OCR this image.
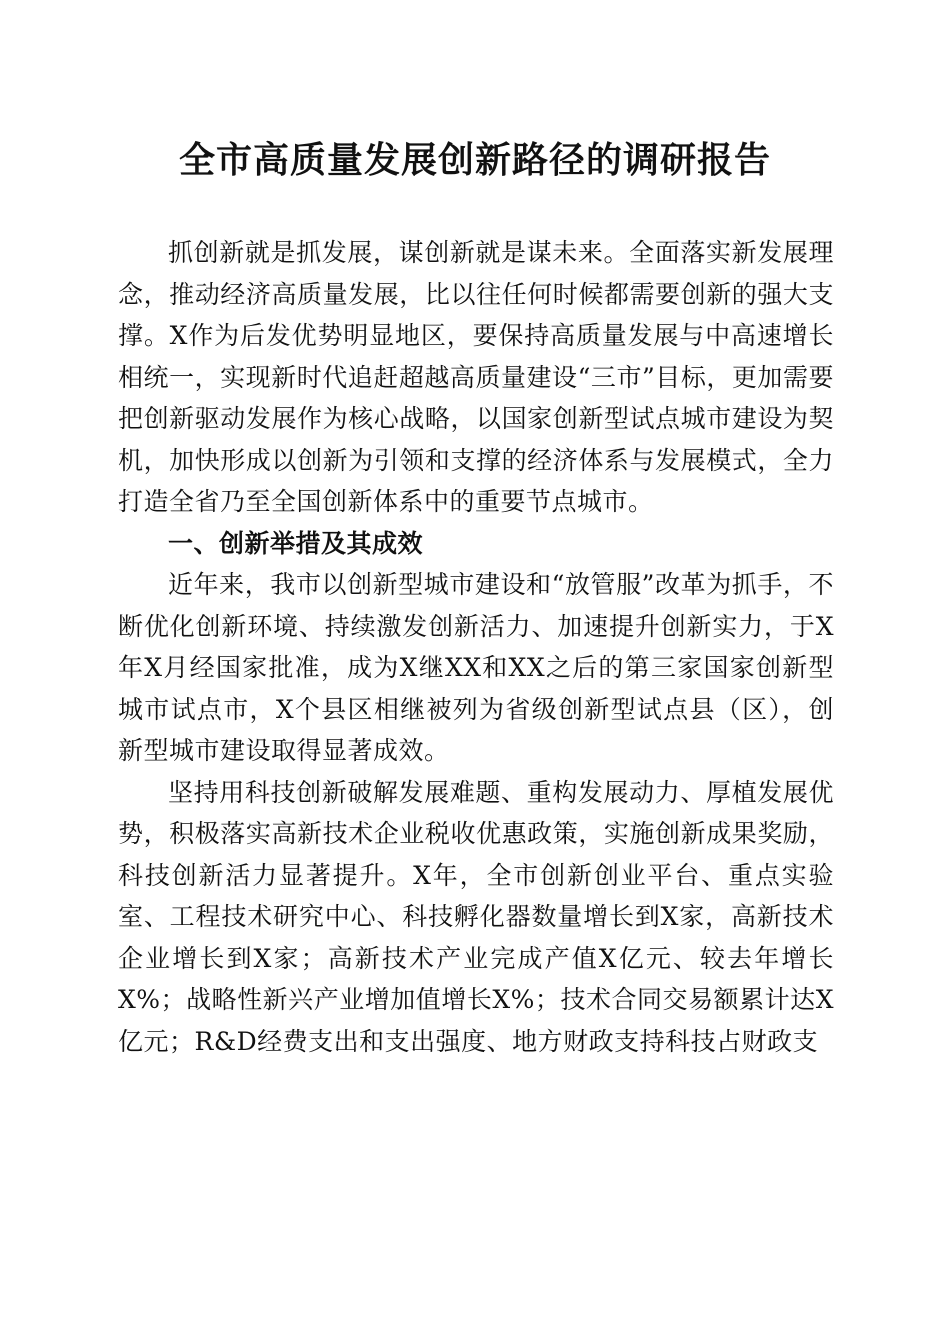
全市高质量发展创新路径的调研报告

抓创新就是抓发展，谋创新就是谋未来。全面落实新发展理念，推动经济高质量发展，比以往任何时候都需要创新的强大支撑。X作为后发优势明显地区，要保持高质量发展与中高速增长相统一，实现新时代追赶超越高质量建设“三市”目标，更加需要把创新驱动发展作为核心战略，以国家创新型试点城市建设为契机，加快形成以创新为引领和支撑的经济体系与发展模式，全力打造全省乃至全国创新体系中的重要节点城市。

一、创新举措及其成效

近年来，我市以创新型城市建设和“放管服”改革为抓手，不断优化创新环境、持续激发创新活力、加速提升创新实力，于X年X月经国家批准，成为X继XX和XX之后的第三家国家创新型城市试点市，X个县区相继被列为省级创新型试点县（区），创新型城市建设取得显著成效。

坚持用科技创新破解发展难题、重构发展动力、厚植发展优势，积极落实高新技术企业税收优惠政策，实施创新成果奖励，科技创新活力显著提升。X年，全市创新创业平台、重点实验室、工程技术研究中心、科技孵化器数量增长到X家，高新技术企业增长到X家；高新技术产业完成产值X亿元、较去年增长X%；战略性新兴产业增加值增长X%；技术合同交易额累计达X亿元；R&D经费支出和支出强度、地方财政支持科技占财政支
